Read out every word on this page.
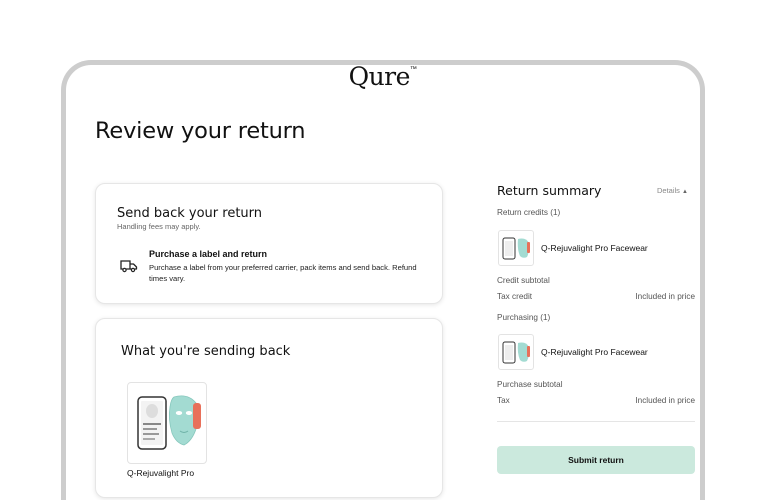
Qure™
Review your return
Send back your return
Handling fees may apply.
Purchase a label and return
Purchase a label from your preferred carrier, pack items and send back. Refund times vary.
What you're sending back
Q-Rejuvalight Pro
Return summary	Details ▲
Return credits (1)
Q-Rejuvalight Pro Facewear
Credit subtotal
Tax credit	Included in price
Purchasing (1)
Q-Rejuvalight Pro Facewear
Purchase subtotal
Tax	Included in price
Submit return
